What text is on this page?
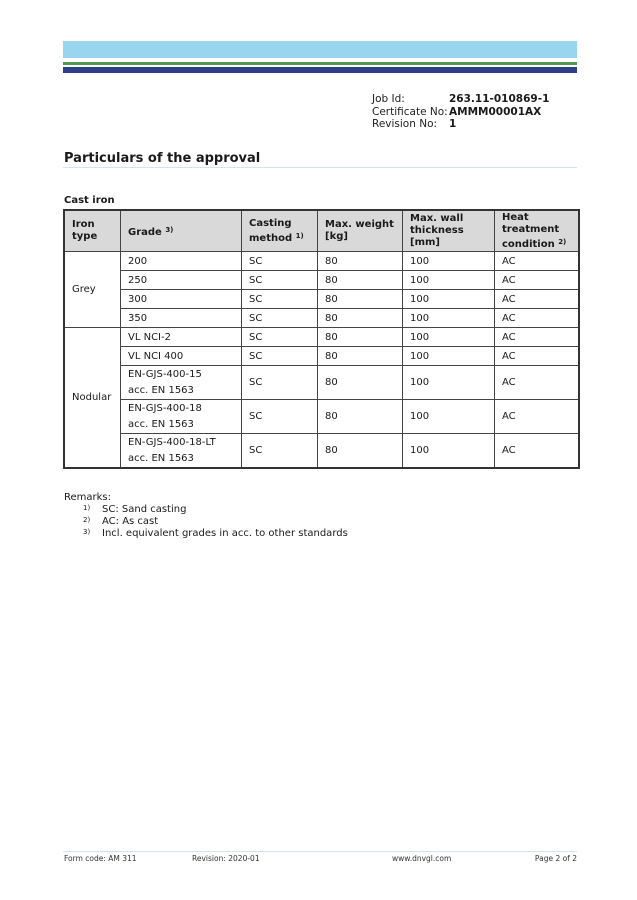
Job Id:	263.11-010869-1
Certificate No: AMMM00001AX
Revision No:	1
Particulars of the approval
Cast iron
Iron type	Grade $^{3)}$	Casting method $^{1)}$	Max. weight [kg]	Max. wall thickness [mm]	Heat treatment condition $^{2)}$
Grey	200	SC	80	100	AC

	250	SC	80	100	AC

	300	SC	80	100	AC

	350	SC	80	100	AC
Nodular	VL NCI-2	SC	80	100	AC

	VL NCI 400	SC	80	100	AC

	EN-GJS-400-15
acc. EN 1563	SC	80	100	AC

	EN-GJS-400-18
acc. EN 1563	SC	80	100	AC

	EN-GJS-400-18-LT
acc. EN 1563	SC	80	100	AC
Remarks:
1)	SC: Sand casting
2)	AC: As cast
3)	Incl. equivalent grades in acc. to other standards
Form code: AM 311	Revision: 2020-01	www.dnvgl.com	Page 2 of 2
